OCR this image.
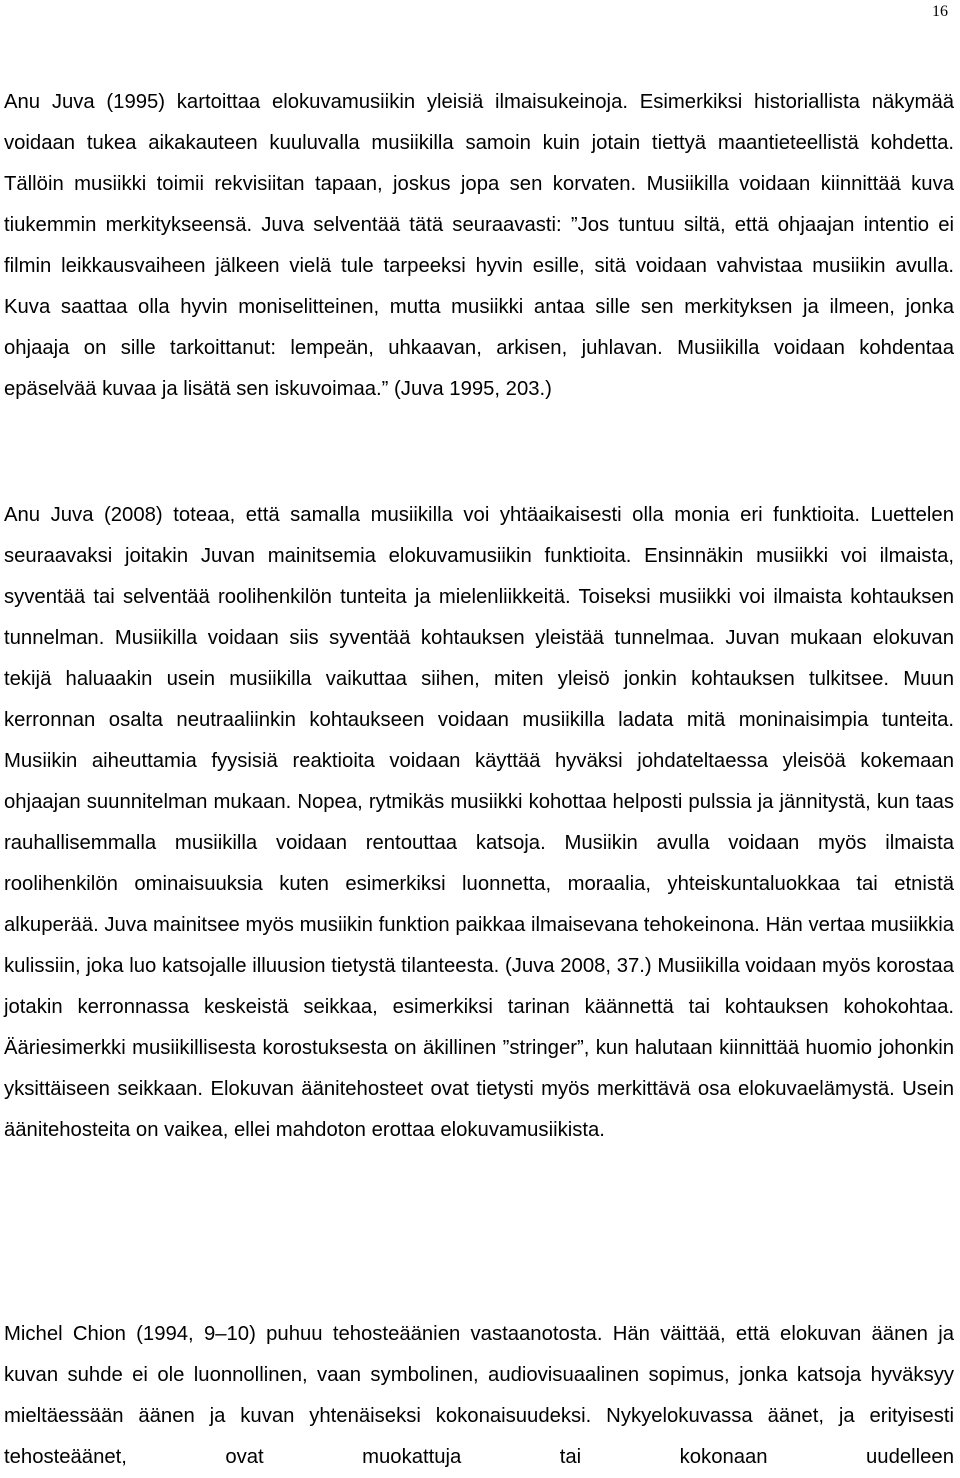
16

Anu Juva (1995) kartoittaa elokuvamusiikin yleisiä ilmaisukeinoja. Esimerkiksi historiallista näkymää voidaan tukea aikakauteen kuuluvalla musiikilla samoin kuin jotain tiettyä maantieteellistä kohdetta. Tällöin musiikki toimii rekvisiitan tapaan, joskus jopa sen korvaten. Musiikilla voidaan kiinnittää kuva tiukemmin merkitykseensä. Juva selventää tätä seuraavasti: ”Jos tuntuu siltä, että ohjaajan intentio ei filmin leikkausvaiheen jälkeen vielä tule tarpeeksi hyvin esille, sitä voidaan vahvistaa musiikin avulla. Kuva saattaa olla hyvin moniselitteinen, mutta musiikki antaa sille sen merkityksen ja ilmeen, jonka ohjaaja on sille tarkoittanut: lempeän, uhkaavan, arkisen, juhlavan. Musiikilla voidaan kohdentaa epäselvää kuvaa ja lisätä sen iskuvoimaa.” (Juva 1995, 203.)

Anu Juva (2008) toteaa, että samalla musiikilla voi yhtäaikaisesti olla monia eri funktioita. Luettelen seuraavaksi joitakin Juvan mainitsemia elokuvamusiikin funktioita. Ensinnäkin musiikki voi ilmaista, syventää tai selventää roolihenkilön tunteita ja mielenliikkeitä. Toiseksi musiikki voi ilmaista kohtauksen tunnelman. Musiikilla voidaan siis syventää kohtauksen yleistää tunnelmaa. Juvan mukaan elokuvan tekijä haluaakin usein musiikilla vaikuttaa siihen, miten yleisö jonkin kohtauksen tulkitsee. Muun kerronnan osalta neutraaliinkin kohtaukseen voidaan musiikilla ladata mitä moninaisimpia tunteita. Musiikin aiheuttamia fyysisiä reaktioita voidaan käyttää hyväksi johdateltaessa yleisöä kokemaan ohjaajan suunnitelman mukaan. Nopea, rytmikäs musiikki kohottaa helposti pulssia ja jännitystä, kun taas rauhallisemmalla musiikilla voidaan rentouttaa katsoja. Musiikin avulla voidaan myös ilmaista roolihenkilön ominaisuuksia kuten esimerkiksi luonnetta, moraalia, yhteiskuntaluokkaa tai etnistä alkuperää. Juva mainitsee myös musiikin funktion paikkaa ilmaisevana tehokeinona. Hän vertaa musiikkia kulissiin, joka luo katsojalle illuusion tietystä tilanteesta. (Juva 2008, 37.) Musiikilla voidaan myös korostaa jotakin kerronnassa keskeistä seikkaa, esimerkiksi tarinan käännettä tai kohtauksen kohokohtaa. Ääriesimerkki musiikillisesta korostuksesta on äkillinen ”stringer”, kun halutaan kiinnittää huomio johonkin yksittäiseen seikkaan. Elokuvan äänitehosteet ovat tietysti myös merkittävä osa elokuvaelämystä. Usein äänitehosteita on vaikea, ellei mahdoton erottaa elokuvamusiikista.

Michel Chion (1994, 9–10) puhuu tehosteäänien vastaanotosta. Hän väittää, että elokuvan äänen ja kuvan suhde ei ole luonnollinen, vaan symbolinen, audiovisuaalinen sopimus, jonka katsoja hyväksyy mieltäessään äänen ja kuvan yhtenäiseksi kokonaisuudeksi. Nykyelokuvassa äänet, ja erityisesti tehosteäänet, ovat muokattuja tai kokonaan uudelleen
